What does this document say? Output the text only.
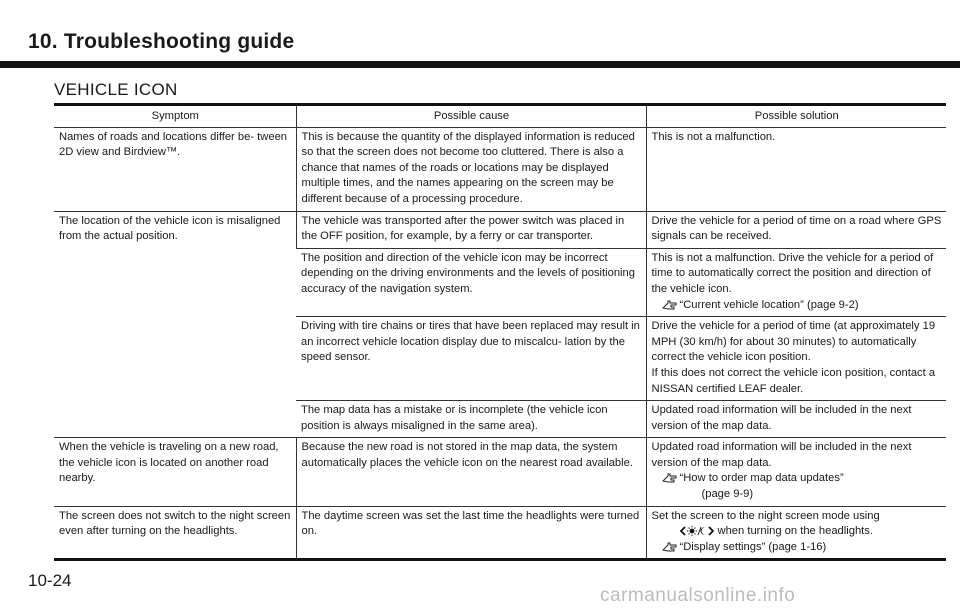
10. Troubleshooting guide
VEHICLE ICON
Symptom	Possible cause	Possible solution
Names of roads and locations differ be- tween 2D view and Birdview™.	This is because the quantity of the displayed information is reduced so that the screen does not become too cluttered. There is also a chance that names of the roads or locations may be displayed multiple times, and the names appearing on the screen may be different because of a processing procedure.	This is not a malfunction.
The location of the vehicle icon is misaligned from the actual position.	The vehicle was transported after the power switch was placed in the OFF position, for example, by a ferry or car transporter.	Drive the vehicle for a period of time on a road where GPS signals can be received.
	The position and direction of the vehicle icon may be incorrect depending on the driving environments and the levels of positioning accuracy of the navigation system.	This is not a malfunction. Drive the vehicle for a period of time to automatically correct the position and direction of the vehicle icon.
“Current vehicle location” (page 9-2)

	Driving with tire chains or tires that have been replaced may result in an incorrect vehicle location display due to miscalcu- lation by the speed sensor.	Drive the vehicle for a period of time (at approximately 19 MPH (30 km/h) for about 30 minutes) to automatically correct the vehicle icon position.
If this does not correct the vehicle icon position, contact a NISSAN certified LEAF dealer.

	The map data has a mistake or is incomplete (the vehicle icon position is always misaligned in the same area).	Updated road information will be included in the next version of the map data.
When the vehicle is traveling on a new road, the vehicle icon is located on another road nearby.	Because the new road is not stored in the map data, the system automatically places the vehicle icon on the nearest road available.	Updated road information will be included in the next version of the map data.
“How to order map data updates”
(page 9-9)

The screen does not switch to the night screen even after turning on the headlights.	The daytime screen was set the last time the headlights were turned on.	Set the screen to the night screen mode using
when turning on the headlights.
“Display settings” (page 1-16)
10-24
carmanualsonline.info
